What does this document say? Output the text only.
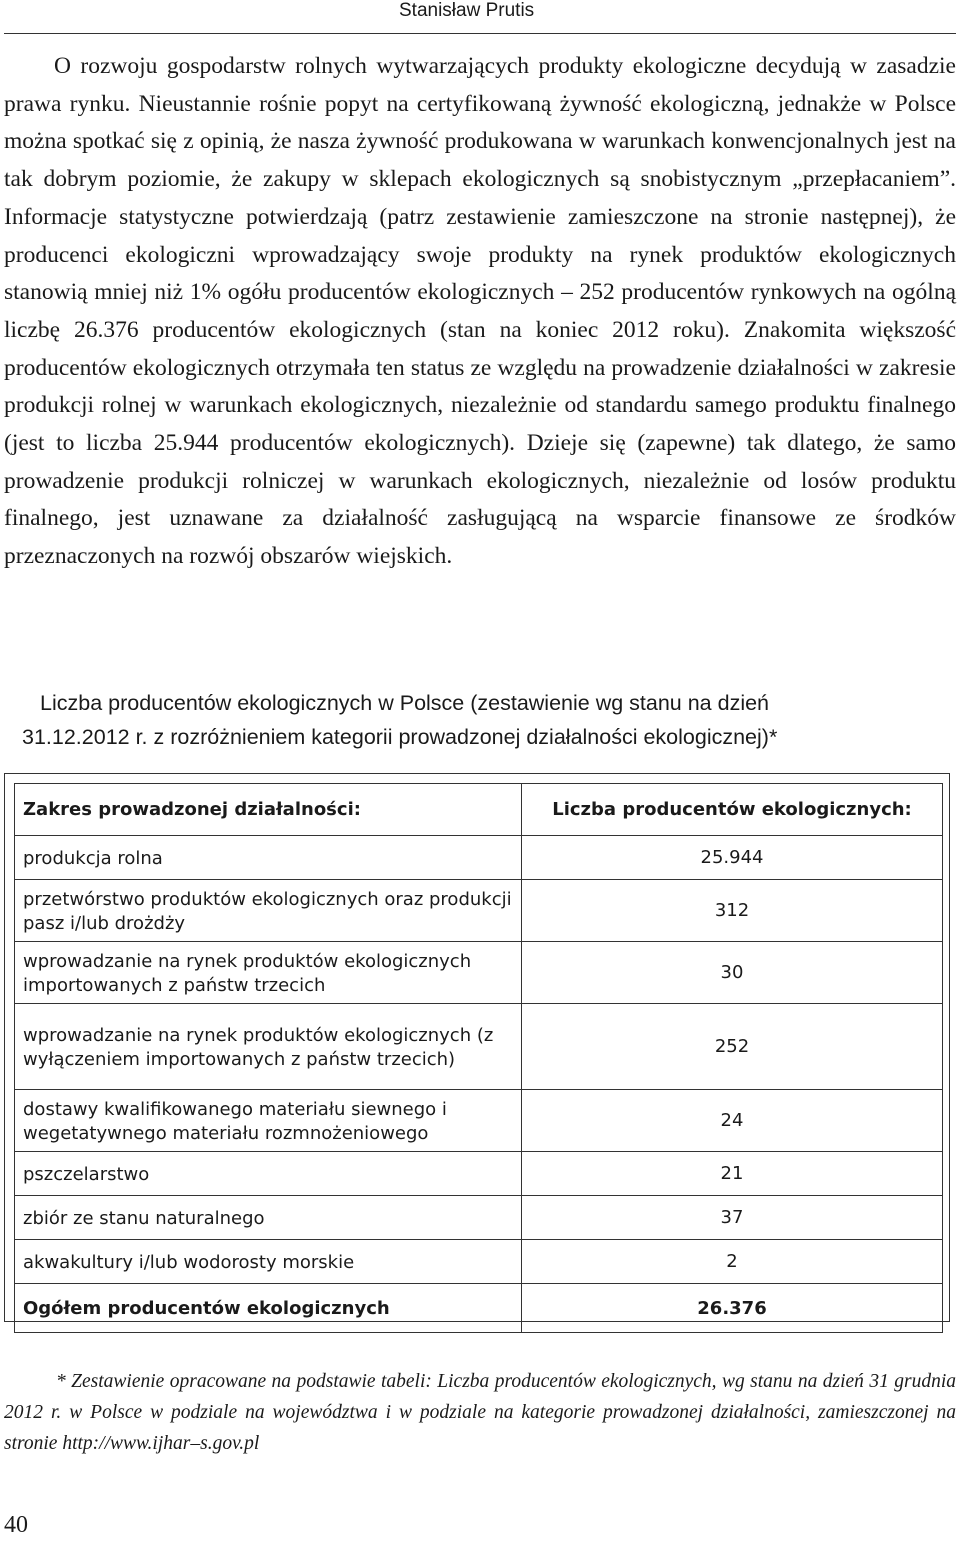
Stanisław Prutis

O rozwoju gospodarstw rolnych wytwarzających produkty ekologiczne decydują w zasadzie prawa rynku. Nieustannie rośnie popyt na certyfikowaną żywność ekologiczną, jednakże w Polsce można spotkać się z opinią, że nasza żywność produkowana w warunkach konwencjonalnych jest na tak dobrym poziomie, że zakupy w sklepach ekologicznych są snobistycznym „przepłacaniem”. Informacje statystyczne potwierdzają (patrz zestawienie zamieszczone na stronie następnej), że producenci ekologiczni wprowadzający swoje produkty na rynek produktów ekologicznych stanowią mniej niż 1% ogółu producentów ekologicznych – 252 producentów rynkowych na ogólną liczbę 26.376 producentów ekologicznych (stan na koniec 2012 roku). Znakomita większość producentów ekologicznych otrzymała ten status ze względu na prowadzenie działalności w zakresie produkcji rolnej w warunkach ekologicznych, niezależnie od standardu samego produktu finalnego (jest to liczba 25.944 producentów ekologicznych). Dzieje się (zapewne) tak dlatego, że samo prowadzenie produkcji rolniczej w warunkach ekologicznych, niezależnie od losów produktu finalnego, jest uznawane za działalność zasługującą na wsparcie finansowe ze środków przeznaczonych na rozwój obszarów wiejskich.

Liczba producentów ekologicznych w Polsce (zestawienie wg stanu na dzień
31.12.2012 r. z rozróżnieniem kategorii prowadzonej działalności ekologicznej)*
Zakres prowadzonej działalności:	Liczba producentów ekologicznych:
produkcja rolna	25.944
przetwórstwo produktów ekologicznych oraz produkcji pasz i/lub drożdży	312
wprowadzanie na rynek produktów ekologicznych importowanych z państw trzecich	30
wprowadzanie na rynek produktów ekologicznych (z wyłączeniem importowanych z państw trzecich)	252
dostawy kwalifikowanego materiału siewnego i wegetatywnego materiału rozmnożeniowego	24
pszczelarstwo	21
zbiór ze stanu naturalnego	37
akwakultury i/lub wodorosty morskie	2
Ogółem producentów ekologicznych	26.376

* Zestawienie opracowane na podstawie tabeli: Liczba producentów ekologicznych, wg stanu na dzień 31 grudnia 2012 r. w Polsce w podziale na województwa i w podziale na kategorie prowadzonej działalności, zamieszczonej na stronie http://www.ijhar–s.gov.pl

40
